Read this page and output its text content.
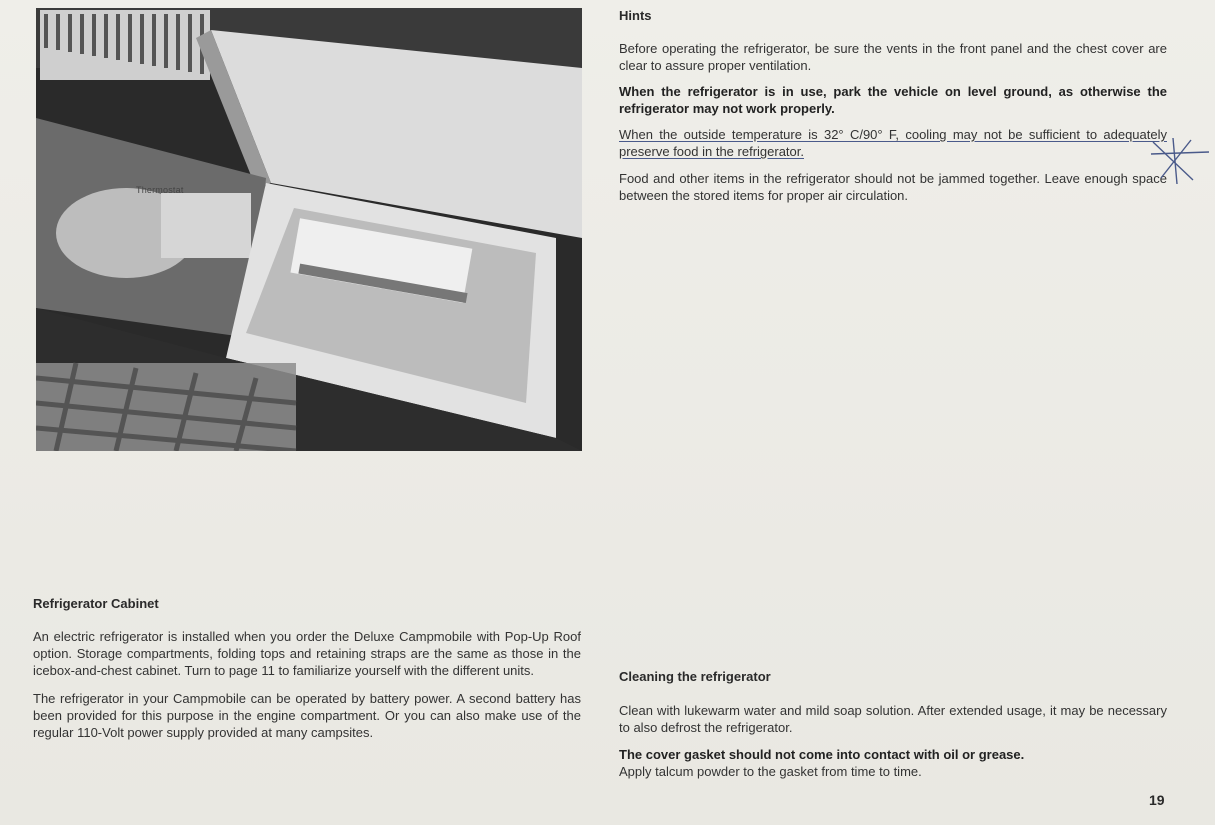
Thermostat

Hints

Before operating the refrigerator, be sure the vents in the front panel and the chest cover are clear to assure proper ventilation.

When the refrigerator is in use, park the vehicle on level ground, as otherwise the refrigerator may not work properly.

When the outside temperature is 32° C/90° F, cooling may not be sufficient to adequately preserve food in the refrigerator.

Food and other items in the refrigerator should not be jammed together. Leave enough space between the stored items for proper air circulation.

Refrigerator Cabinet

An electric refrigerator is installed when you order the Deluxe Campmobile with Pop-Up Roof option. Storage compartments, folding tops and retaining straps are the same as those in the icebox-and-chest cabinet. Turn to page 11 to familiarize yourself with the different units.

The refrigerator in your Campmobile can be operated by battery power. A second battery has been provided for this purpose in the engine compartment. Or you can also make use of the regular 110-Volt power supply provided at many campsites.

Cleaning the refrigerator

Clean with lukewarm water and mild soap solution. After extended usage, it may be necessary to also defrost the refrigerator.

The cover gasket should not come into contact with oil or grease.

Apply talcum powder to the gasket from time to time.

19
